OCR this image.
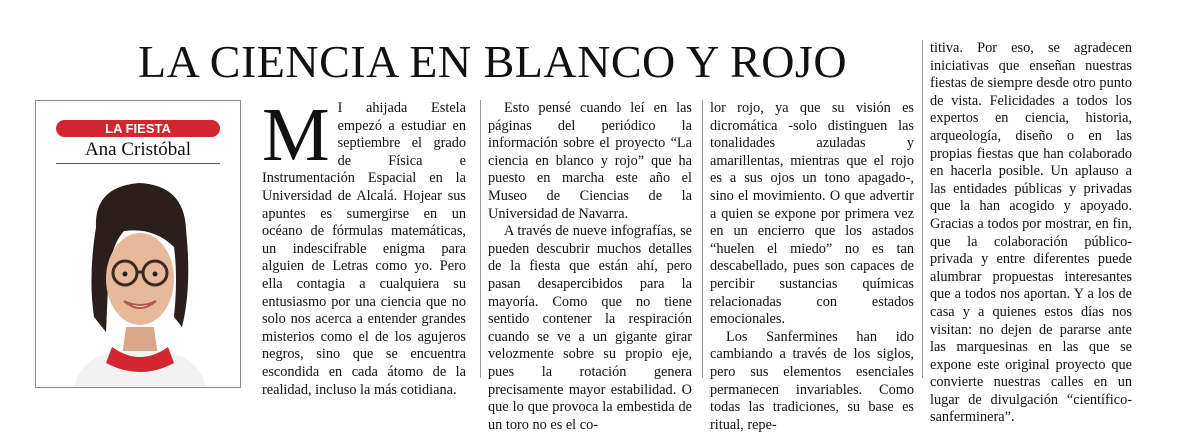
LA CIENCIA EN BLANCO Y ROJO
LA FIESTA
Ana Cristóbal M I ahijada Estela empezó a estudiar en septiembre el grado de Física e Instrumentación Espacial en la Universidad de Alcalá. Hojear sus apuntes es sumergirse en un océano de fórmulas matemáticas, un indescifrable enigma para alguien de Letras como yo. Pero ella contagia a cualquiera su entusiasmo por una ciencia que no solo nos acerca a entender grandes misterios como el de los agujeros negros, sino que se encuentra escondida en cada átomo de la realidad, incluso la más cotidiana.

Esto pensé cuando leí en las páginas del periódico la información sobre el proyecto “La ciencia en blanco y rojo” que ha puesto en marcha este año el Museo de Ciencias de la Universidad de Navarra.

A través de nueve infografías, se pueden descubrir muchos detalles de la fiesta que están ahí, pero pasan desapercibidos para la mayoría. Como que no tiene sentido contener la respiración cuando se ve a un gigante girar velozmente sobre su propio eje, pues la rotación genera precisamente mayor estabilidad. O que lo que provoca la embestida de un toro no es el co-

lor rojo, ya que su visión es dicromática -solo distinguen las tonalidades azuladas y amarillentas, mientras que el rojo es a sus ojos un tono apagado-, sino el movimiento. O que advertir a quien se expone por primera vez en un encierro que los astados “huelen el miedo” no es tan descabellado, pues son capaces de percibir sustancias químicas relacionadas con estados emocionales.

Los Sanfermines han ido cambiando a través de los siglos, pero sus elementos esenciales permanecen invariables. Como todas las tradiciones, su base es ritual, repe-

titiva. Por eso, se agradecen iniciativas que enseñan nuestras fiestas de siempre desde otro punto de vista. Felicidades a todos los expertos en ciencia, historia, arqueología, diseño o en las propias fiestas que han colaborado en hacerla posible. Un aplauso a las entidades públicas y privadas que la han acogido y apoyado. Gracias a todos por mostrar, en fin, que la colaboración público-privada y entre diferentes puede alumbrar propuestas interesantes que a todos nos aportan. Y a los de casa y a quienes estos días nos visitan: no dejen de pararse ante las marquesinas en las que se expone este original proyecto que convierte nuestras calles en un lugar de divulgación “científico-sanferminera”.
